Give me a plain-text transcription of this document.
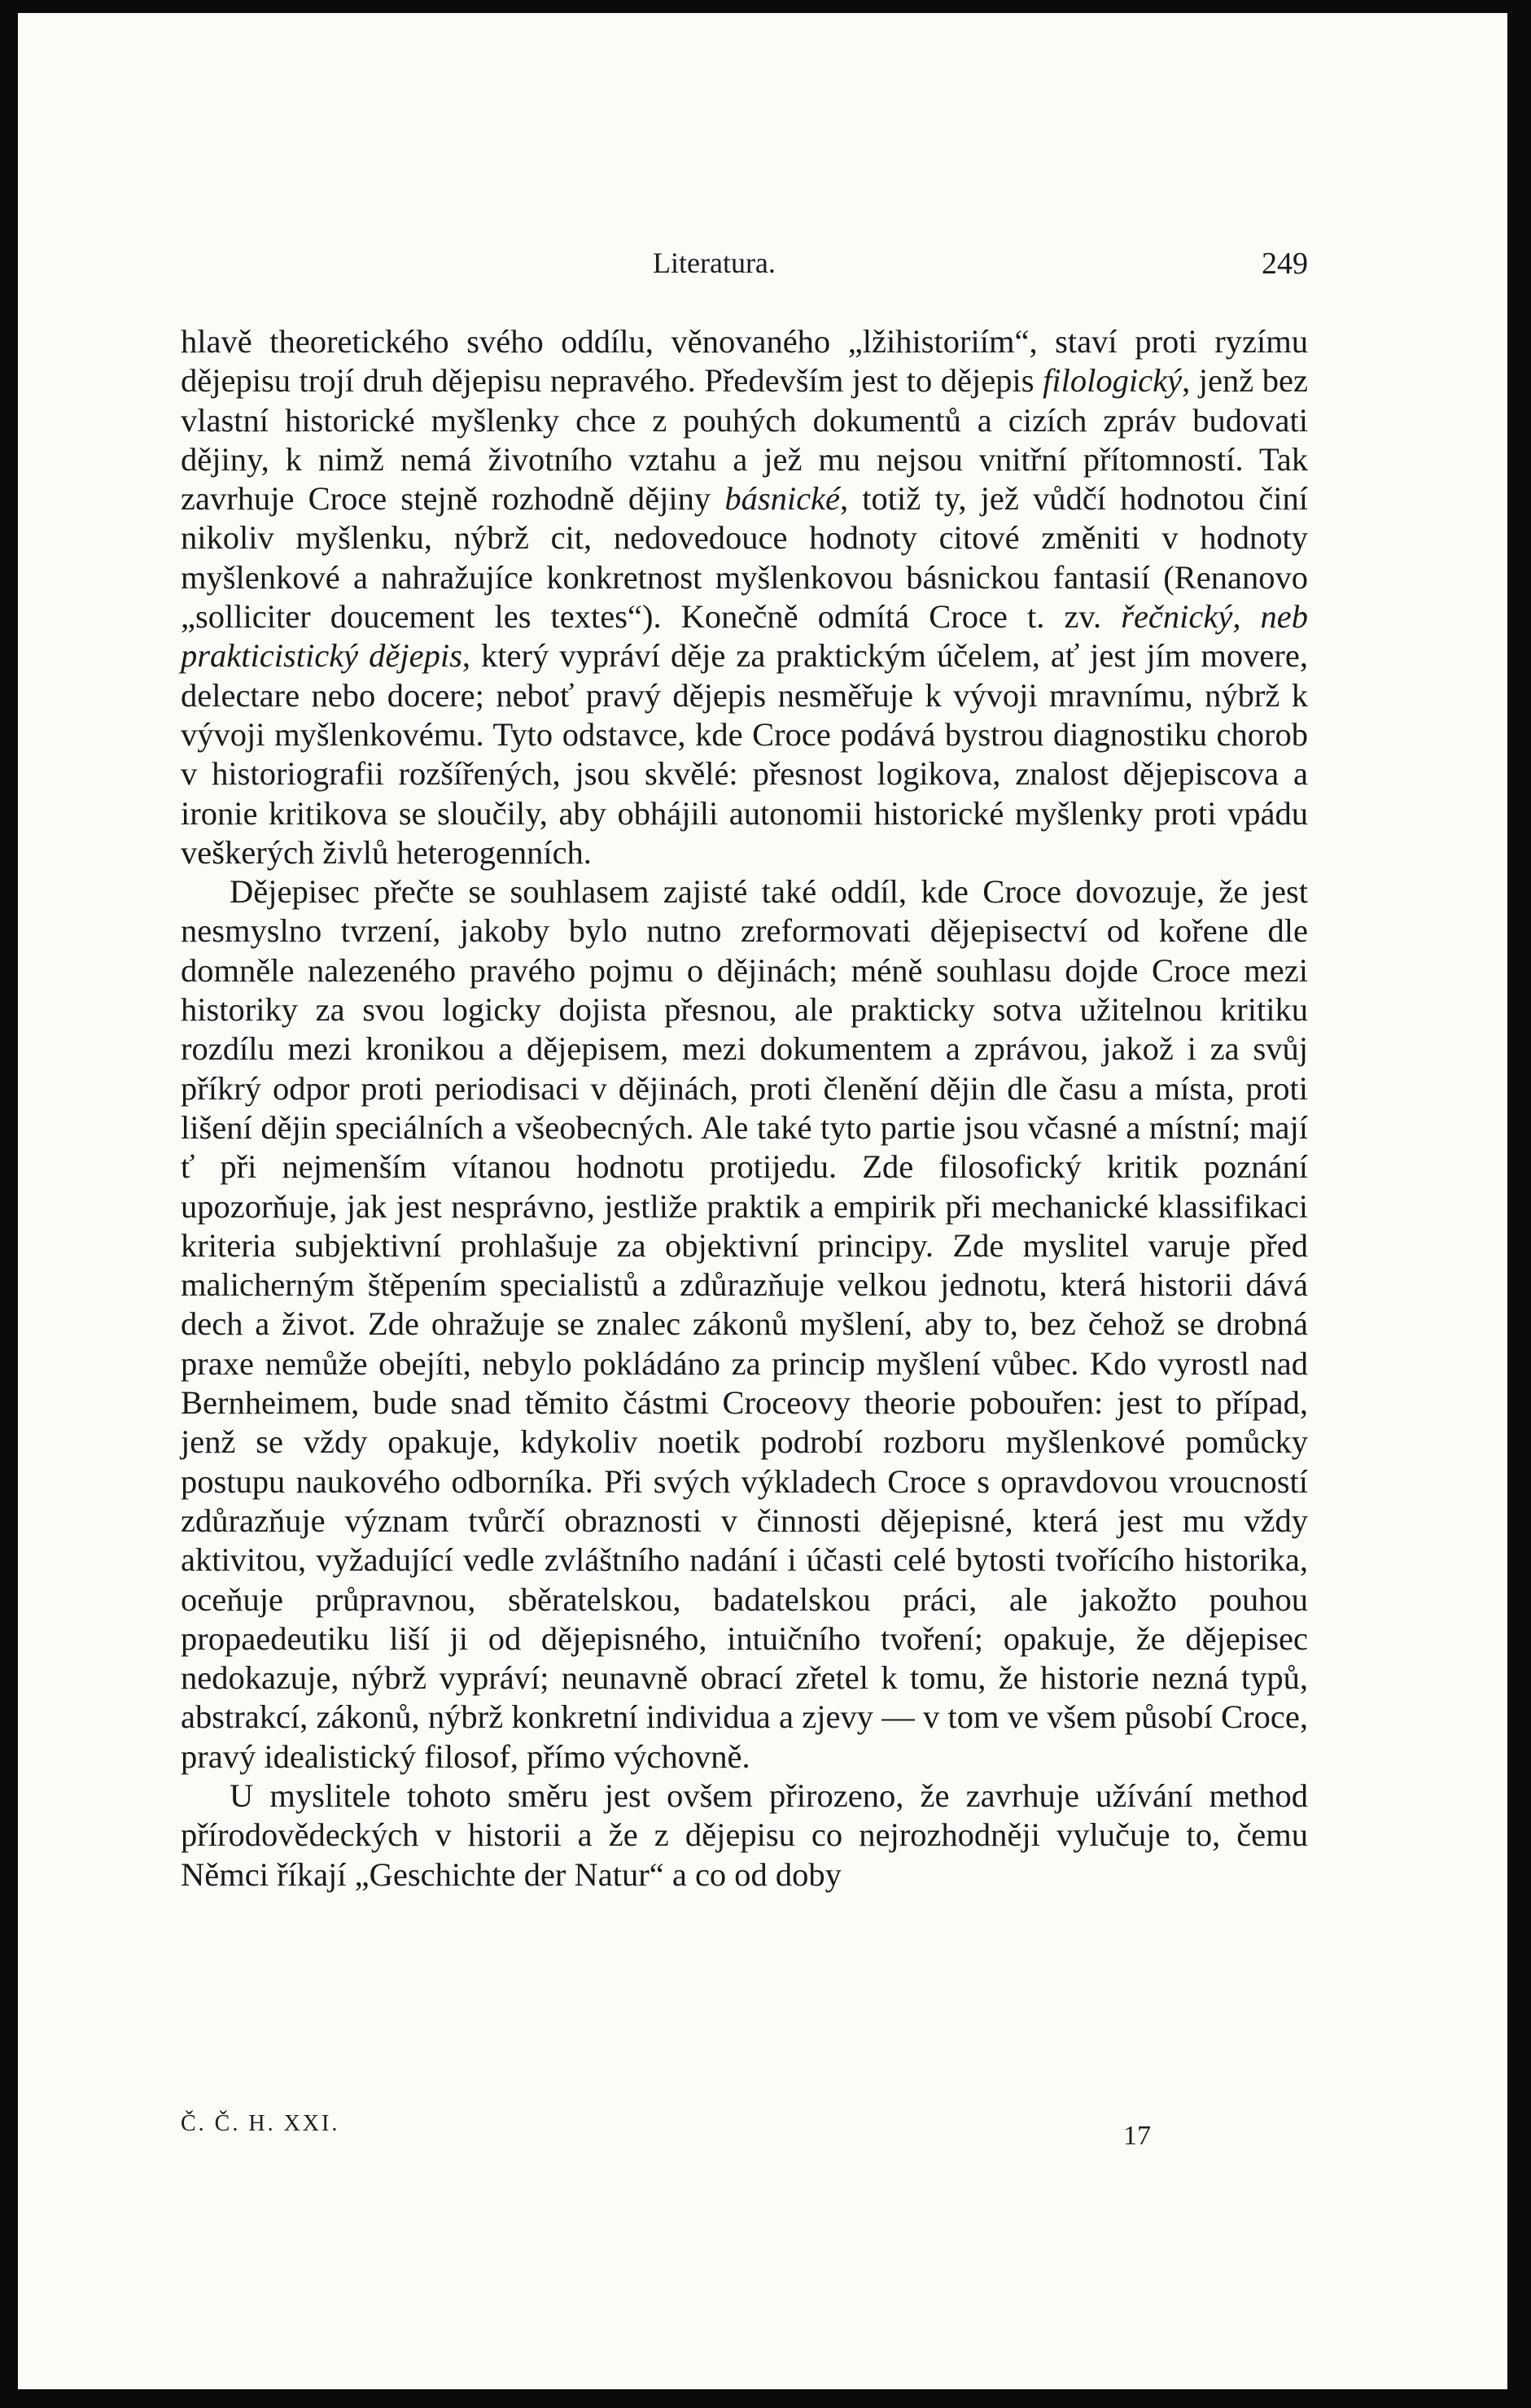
Literatura.	249

hlavě theoretického svého oddílu, věnovaného „lžihistoriím“, staví proti ryzímu dějepisu trojí druh dějepisu nepravého. Především jest to dějepis filologický, jenž bez vlastní historické myšlenky chce z pouhých dokumentů a cizích zpráv budovati dějiny, k nimž nemá životního vztahu a jež mu nejsou vnitřní přítomností. Tak zavrhuje Croce stejně rozhodně dějiny básnické, totiž ty, jež vůdčí hodnotou činí nikoliv myšlenku, nýbrž cit, nedovedouce hodnoty citové změniti v hodnoty myšlenkové a nahražujíce konkretnost myšlenkovou básnickou fantasií (Renanovo „solliciter doucement les textes“). Konečně odmítá Croce t. zv. řečnický, neb prakticistický dějepis, který vypráví děje za praktickým účelem, ať jest jím movere, delectare nebo docere; neboť pravý dějepis nesměřuje k vývoji mravnímu, nýbrž k vývoji myšlenkovému. Tyto odstavce, kde Croce podává bystrou diagnostiku chorob v historiografii rozšířených, jsou skvělé: přesnost logikova, znalost dějepiscova a ironie kritikova se sloučily, aby obhájili autonomii historické myšlenky proti vpádu veškerých živlů heterogenních.

Dějepisec přečte se souhlasem zajisté také oddíl, kde Croce dovozuje, že jest nesmyslno tvrzení, jakoby bylo nutno zreformovati dějepisectví od kořene dle domněle nalezeného pravého pojmu o dějinách; méně souhlasu dojde Croce mezi historiky za svou logicky dojista přesnou, ale prakticky sotva užitelnou kritiku rozdílu mezi kronikou a dějepisem, mezi dokumentem a zprávou, jakož i za svůj příkrý odpor proti periodisaci v dějinách, proti členění dějin dle času a místa, proti lišení dějin speciálních a všeobecných. Ale také tyto partie jsou včasné a místní; mají ť při nejmenším vítanou hodnotu protijedu. Zde filosofický kritik poznání upozorňuje, jak jest nesprávno, jestliže praktik a empirik při mechanické klassifikaci kriteria subjektivní prohlašuje za objektivní principy. Zde myslitel varuje před malicherným štěpením specialistů a zdůrazňuje velkou jednotu, která historii dává dech a život. Zde ohražuje se znalec zákonů myšlení, aby to, bez čehož se drobná praxe nemůže obejíti, nebylo pokládáno za princip myšlení vůbec. Kdo vyrostl nad Bernheimem, bude snad těmito částmi Croceovy theorie pobouřen: jest to případ, jenž se vždy opakuje, kdykoliv noetik podrobí rozboru myšlenkové pomůcky postupu naukového odborníka. Při svých výkladech Croce s opravdovou vroucností zdůrazňuje význam tvůrčí obraznosti v činnosti dějepisné, která jest mu vždy aktivitou, vyžadující vedle zvláštního nadání i účasti celé bytosti tvořícího historika, oceňuje průpravnou, sběratelskou, badatelskou práci, ale jakožto pouhou propaedeutiku liší ji od dějepisného, intuičního tvoření; opakuje, že dějepisec nedokazuje, nýbrž vypráví; neunavně obrací zřetel k tomu, že historie nezná typů, abstrakcí, zákonů, nýbrž konkretní individua a zjevy — v tom ve všem působí Croce, pravý idealistický filosof, přímo výchovně.

U myslitele tohoto směru jest ovšem přirozeno, že zavrhuje užívání method přírodovědeckých v historii a že z dějepisu co nejrozhodněji vylučuje to, čemu Němci říkají „Geschichte der Natur“ a co od doby

Č. Č. H. XXI.	17
